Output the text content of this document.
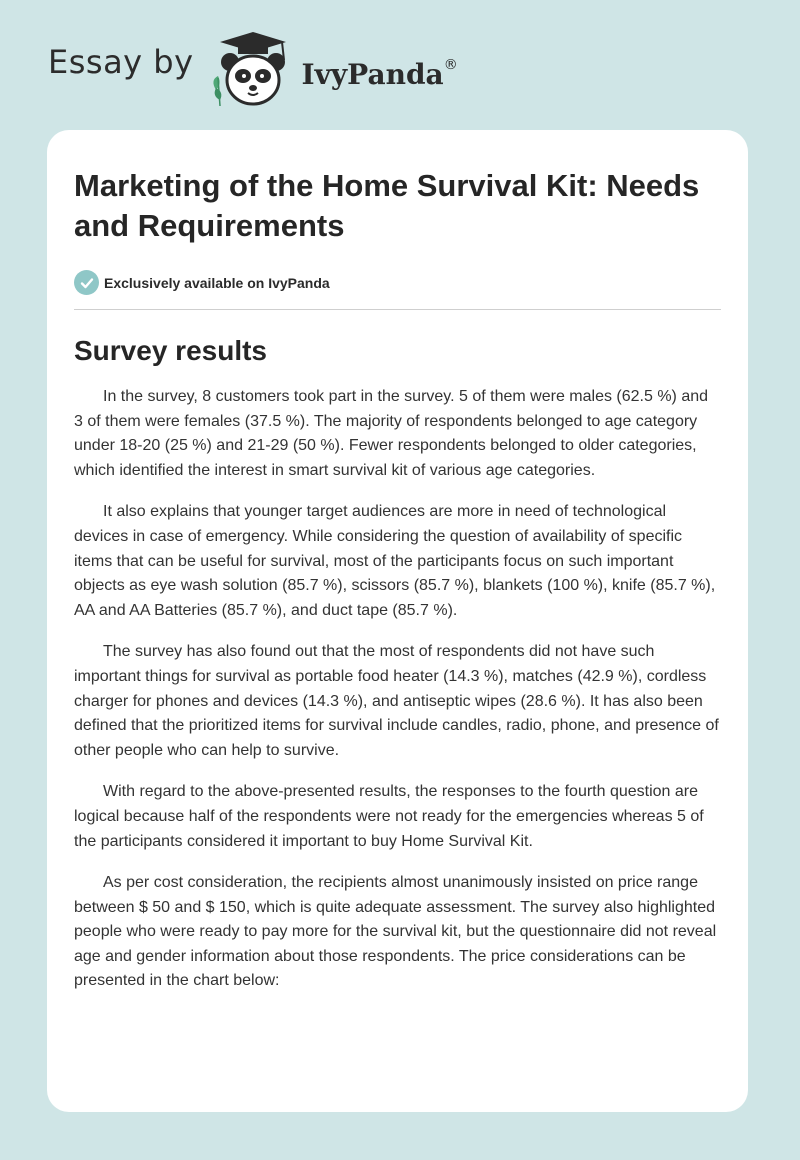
Essay by	IvyPanda®
Marketing of the Home Survival Kit: Needs and Requirements
Exclusively available on IvyPanda
Survey results

In the survey, 8 customers took part in the survey. 5 of them were males (62.5 %) and 3 of them were females (37.5 %). The majority of respondents belonged to age category under 18-20 (25 %) and 21-29 (50 %). Fewer respondents belonged to older categories, which identified the interest in smart survival kit of various age categories.

It also explains that younger target audiences are more in need of technological devices in case of emergency. While considering the question of availability of specific items that can be useful for survival, most of the participants focus on such important objects as eye wash solution (85.7 %), scissors (85.7 %), blankets (100 %), knife (85.7 %), AA and AA Batteries (85.7 %), and duct tape (85.7 %).

The survey has also found out that the most of respondents did not have such important things for survival as portable food heater (14.3 %), matches (42.9 %), cordless charger for phones and devices (14.3 %), and antiseptic wipes (28.6 %). It has also been defined that the prioritized items for survival include candles, radio, phone, and presence of other people who can help to survive.

With regard to the above-presented results, the responses to the fourth question are logical because half of the respondents were not ready for the emergencies whereas 5 of the participants considered it important to buy Home Survival Kit.

As per cost consideration, the recipients almost unanimously insisted on price range between $ 50 and $ 150, which is quite adequate assessment. The survey also highlighted people who were ready to pay more for the survival kit, but the questionnaire did not reveal age and gender information about those respondents. The price considerations can be presented in the chart below:
